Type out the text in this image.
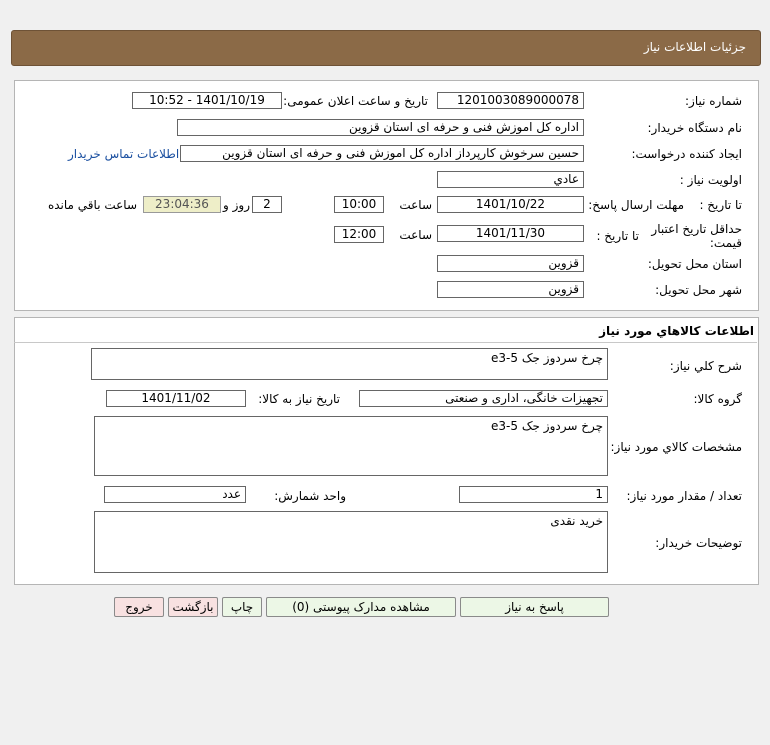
جزئيات اطلاعات نياز
شماره نياز:
1201003089000078
تاريخ و ساعت اعلان عمومی:
1401/10/19 - 10:52
نام دستگاه خريدار:
اداره کل اموزش فنی و حرفه ای استان قزوين
ايجاد کننده درخواست:
حسين سرخوش کارپرداز اداره کل اموزش فنی و حرفه ای استان قزوين
اطلاعات تماس خريدار
اولويت نياز :
عادي
مهلت ارسال پاسخ: تا تاريخ :
1401/10/22
ساعت
10:00
2
روز و
23:04:36
ساعت باقي مانده
حداقل تاريخ اعتبار قيمت:
تا تاريخ :
1401/11/30
ساعت
12:00
استان محل تحويل:
قزوين
شهر محل تحويل:
قزوين
اطلاعات کالاهاي مورد نياز
شرح کلي نياز:
چرخ سردوز جک e3-5
گروه کالا:
تجهيزات خانگی، اداری و صنعتی
تاريخ نياز به کالا:
1401/11/02
مشخصات کالاي مورد نياز:
چرخ سردوز جک e3-5
تعداد / مقدار مورد نياز:
1
واحد شمارش:
عدد
توضيحات خريدار:
خريد نقدی
پاسخ به نياز
مشاهده مدارک پيوستی (0)
چاپ
بازگشت
خروج
